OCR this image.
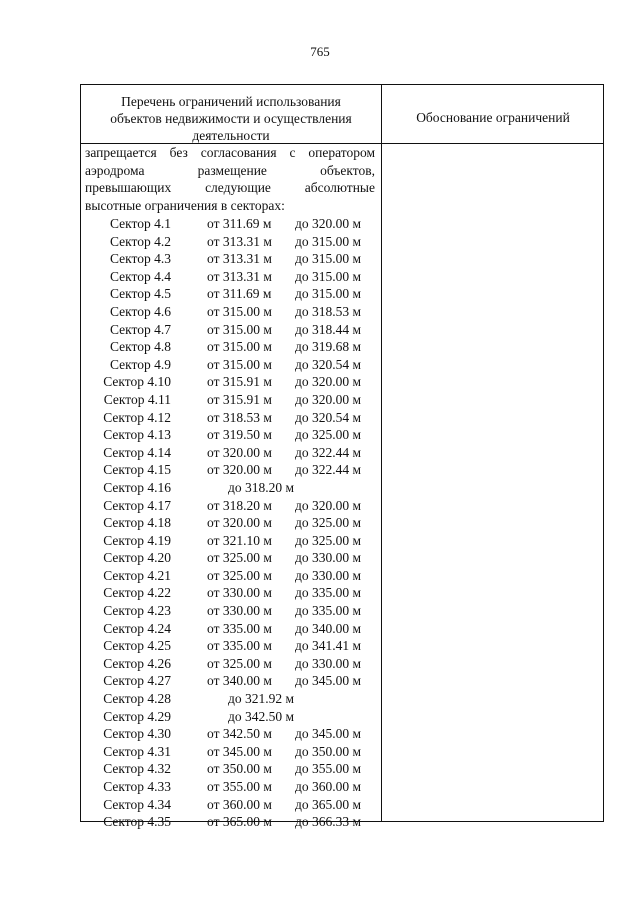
765
Перечень ограничений использования
объектов недвижимости и осуществления
деятельности
Обоснование ограничений
запрещается без согласования с оператором
аэродрома размещение объектов,
превышающих следующие абсолютные
высотные ограничения в секторах:
Сектор 4.1	от 311.69 м до 320.00 м
Сектор 4.2	от 313.31 м до 315.00 м
Сектор 4.3	от 313.31 м до 315.00 м
Сектор 4.4	от 313.31 м до 315.00 м
Сектор 4.5	от 311.69 м до 315.00 м
Сектор 4.6	от 315.00 м до 318.53 м
Сектор 4.7	от 315.00 м до 318.44 м
Сектор 4.8	от 315.00 м до 319.68 м
Сектор 4.9	от 315.00 м до 320.54 м
Сектор 4.10	от 315.91 м до 320.00 м
Сектор 4.11	от 315.91 м до 320.00 м
Сектор 4.12	от 318.53 м до 320.54 м
Сектор 4.13	от 319.50 м до 325.00 м
Сектор 4.14	от 320.00 м до 322.44 м
Сектор 4.15	от 320.00 м до 322.44 м
Сектор 4.16	до 318.20 м
Сектор 4.17	от 318.20 м до 320.00 м
Сектор 4.18	от 320.00 м до 325.00 м
Сектор 4.19	от 321.10 м до 325.00 м
Сектор 4.20	от 325.00 м до 330.00 м
Сектор 4.21	от 325.00 м до 330.00 м
Сектор 4.22	от 330.00 м до 335.00 м
Сектор 4.23	от 330.00 м до 335.00 м
Сектор 4.24	от 335.00 м до 340.00 м
Сектор 4.25	от 335.00 м до 341.41 м
Сектор 4.26	от 325.00 м до 330.00 м
Сектор 4.27	от 340.00 м до 345.00 м
Сектор 4.28	до 321.92 м
Сектор 4.29	до 342.50 м
Сектор 4.30	от 342.50 м до 345.00 м
Сектор 4.31	от 345.00 м до 350.00 м
Сектор 4.32	от 350.00 м до 355.00 м
Сектор 4.33	от 355.00 м до 360.00 м
Сектор 4.34	от 360.00 м до 365.00 м
Сектор 4.35	от 365.00 м до 366.33 м
